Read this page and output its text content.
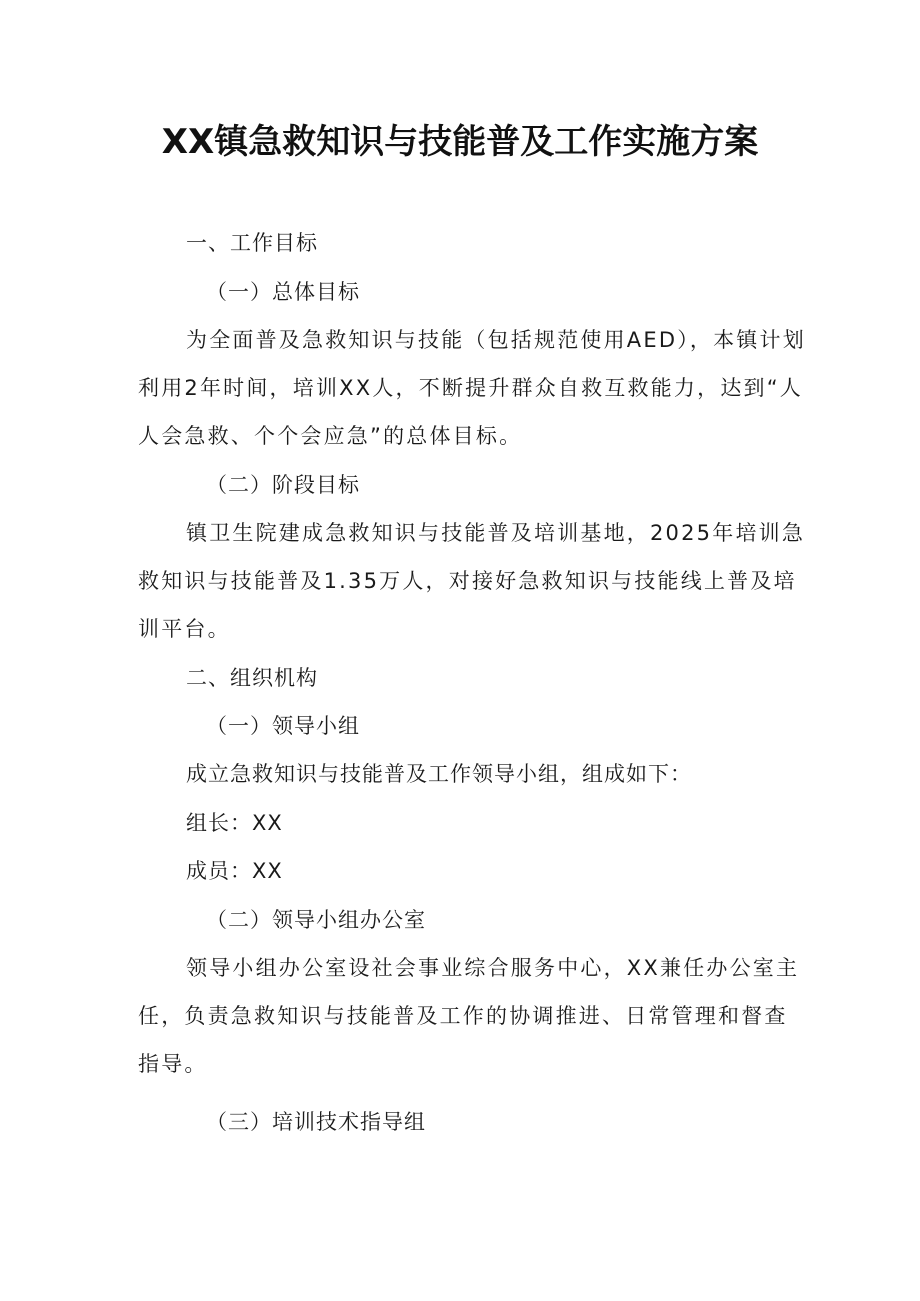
XX镇急救知识与技能普及工作实施方案

一、工作目标

（一）总体目标

为全面普及急救知识与技能（包括规范使用AED），本镇计划

利用2年时间，培训XX人，不断提升群众自救互救能力，达到“人

人会急救、个个会应急”的总体目标。

（二）阶段目标

镇卫生院建成急救知识与技能普及培训基地，2025年培训急

救知识与技能普及1.35万人，对接好急救知识与技能线上普及培

训平台。

二、组织机构

（一）领导小组

成立急救知识与技能普及工作领导小组，组成如下：

组长：XX

成员：XX

（二）领导小组办公室

领导小组办公室设社会事业综合服务中心，XX兼任办公室主

任，负责急救知识与技能普及工作的协调推进、日常管理和督查

指导。

（三）培训技术指导组
